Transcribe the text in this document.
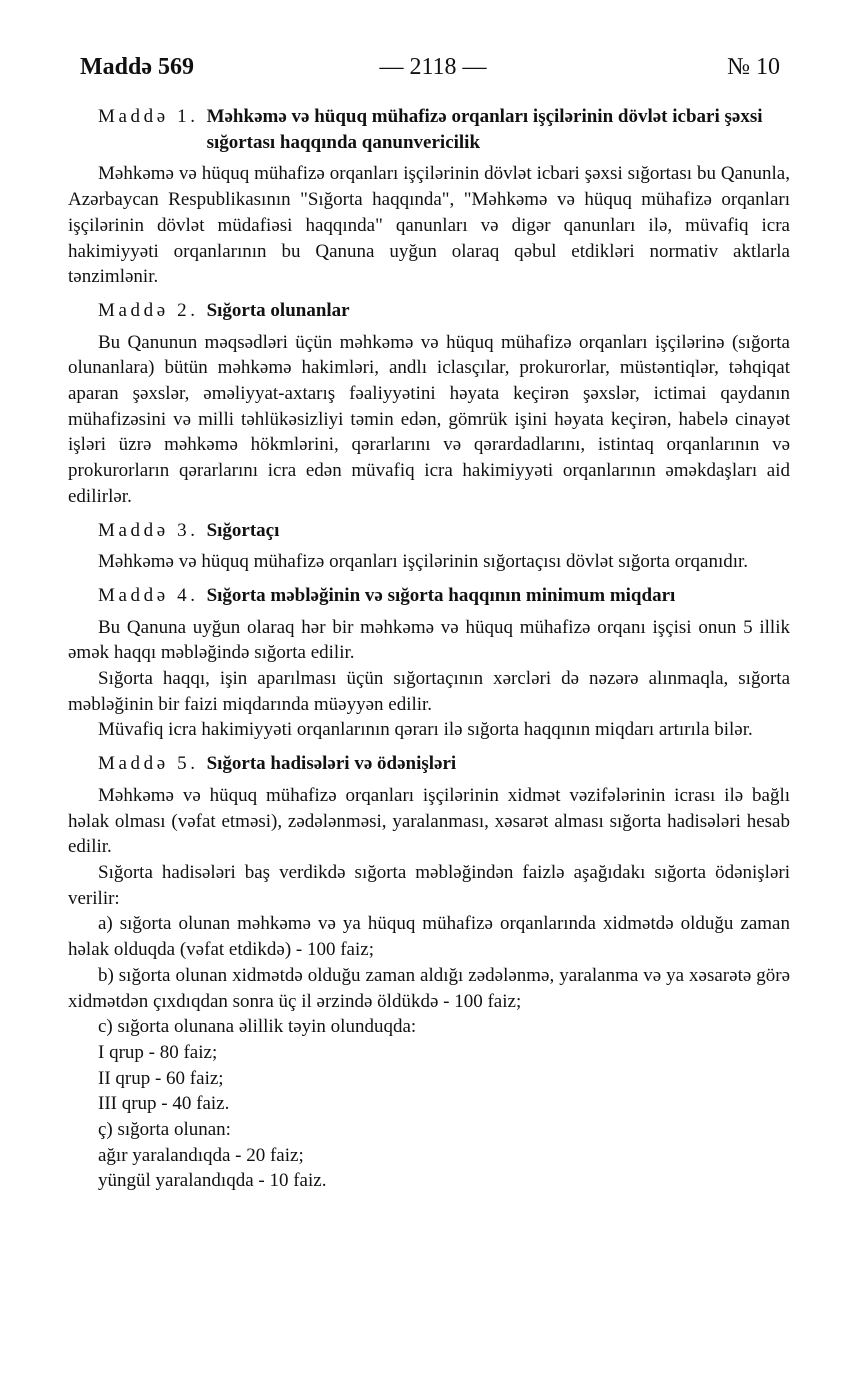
Maddə 569	— 2118 —	№ 10
Maddə 1. Məhkəmə və hüquq mühafizə orqanları işçilərinin dövlət icbari şəxsi sığortası haqqında qanunvericilik

Məhkəmə və hüquq mühafizə orqanları işçilərinin dövlət icbari şəxsi sığortası bu Qanunla, Azərbaycan Respublikasının "Sığorta haqqında", "Məhkəmə və hüquq mühafizə orqanları işçilərinin dövlət müdafiəsi haqqında" qanunları və digər qanunları ilə, müvafiq icra hakimiyyəti orqanlarının bu Qanuna uyğun olaraq qəbul etdikləri normativ aktlarla tənzimlənir.

Maddə 2. Sığorta olunanlar

Bu Qanunun məqsədləri üçün məhkəmə və hüquq mühafizə orqanları işçilərinə (sığorta olunanlara) bütün məhkəmə hakimləri, andlı iclasçılar, prokurorlar, müstəntiqlər, təhqiqat aparan şəxslər, əməliyyat-axtarış fəaliyyətini həyata keçirən şəxslər, ictimai qaydanın mühafizəsini və milli təhlükəsizliyi təmin edən, gömrük işini həyata keçirən, habelə cinayət işləri üzrə məhkəmə hökmlərini, qərarlarını və qərardadlarını, istintaq orqanlarının və prokurorların qərarlarını icra edən müvafiq icra hakimiyyəti orqanlarının əməkdaşları aid edilirlər.

Maddə 3. Sığortaçı

Məhkəmə və hüquq mühafizə orqanları işçilərinin sığortaçısı dövlət sığorta orqanıdır.

Maddə 4. Sığorta məbləğinin və sığorta haqqının minimum miqdarı

Bu Qanuna uyğun olaraq hər bir məhkəmə və hüquq mühafizə orqanı işçisi onun 5 illik əmək haqqı məbləğində sığorta edilir.

Sığorta haqqı, işin aparılması üçün sığortaçının xərcləri də nəzərə alınmaqla, sığorta məbləğinin bir faizi miqdarında müəyyən edilir.

Müvafiq icra hakimiyyəti orqanlarının qərarı ilə sığorta haqqının miqdarı artırıla bilər.

Maddə 5. Sığorta hadisələri və ödənişləri

Məhkəmə və hüquq mühafizə orqanları işçilərinin xidmət vəzifələrinin icrası ilə bağlı həlak olması (vəfat etməsi), zədələnməsi, yaralanması, xəsarət alması sığorta hadisələri hesab edilir.

Sığorta hadisələri baş verdikdə sığorta məbləğindən faizlə aşağıdakı sığorta ödənişləri verilir:

a) sığorta olunan məhkəmə və ya hüquq mühafizə orqanlarında xidmətdə olduğu zaman həlak olduqda (vəfat etdikdə) - 100 faiz;

b) sığorta olunan xidmətdə olduğu zaman aldığı zədələnmə, yaralanma və ya xəsarətə görə xidmətdən çıxdıqdan sonra üç il ərzində öldükdə - 100 faiz;

c) sığorta olunana əlillik təyin olunduqda:

I qrup - 80 faiz;

II qrup - 60 faiz;

III qrup - 40 faiz.

ç) sığorta olunan:

ağır yaralandıqda - 20 faiz;

yüngül yaralandıqda - 10 faiz.
